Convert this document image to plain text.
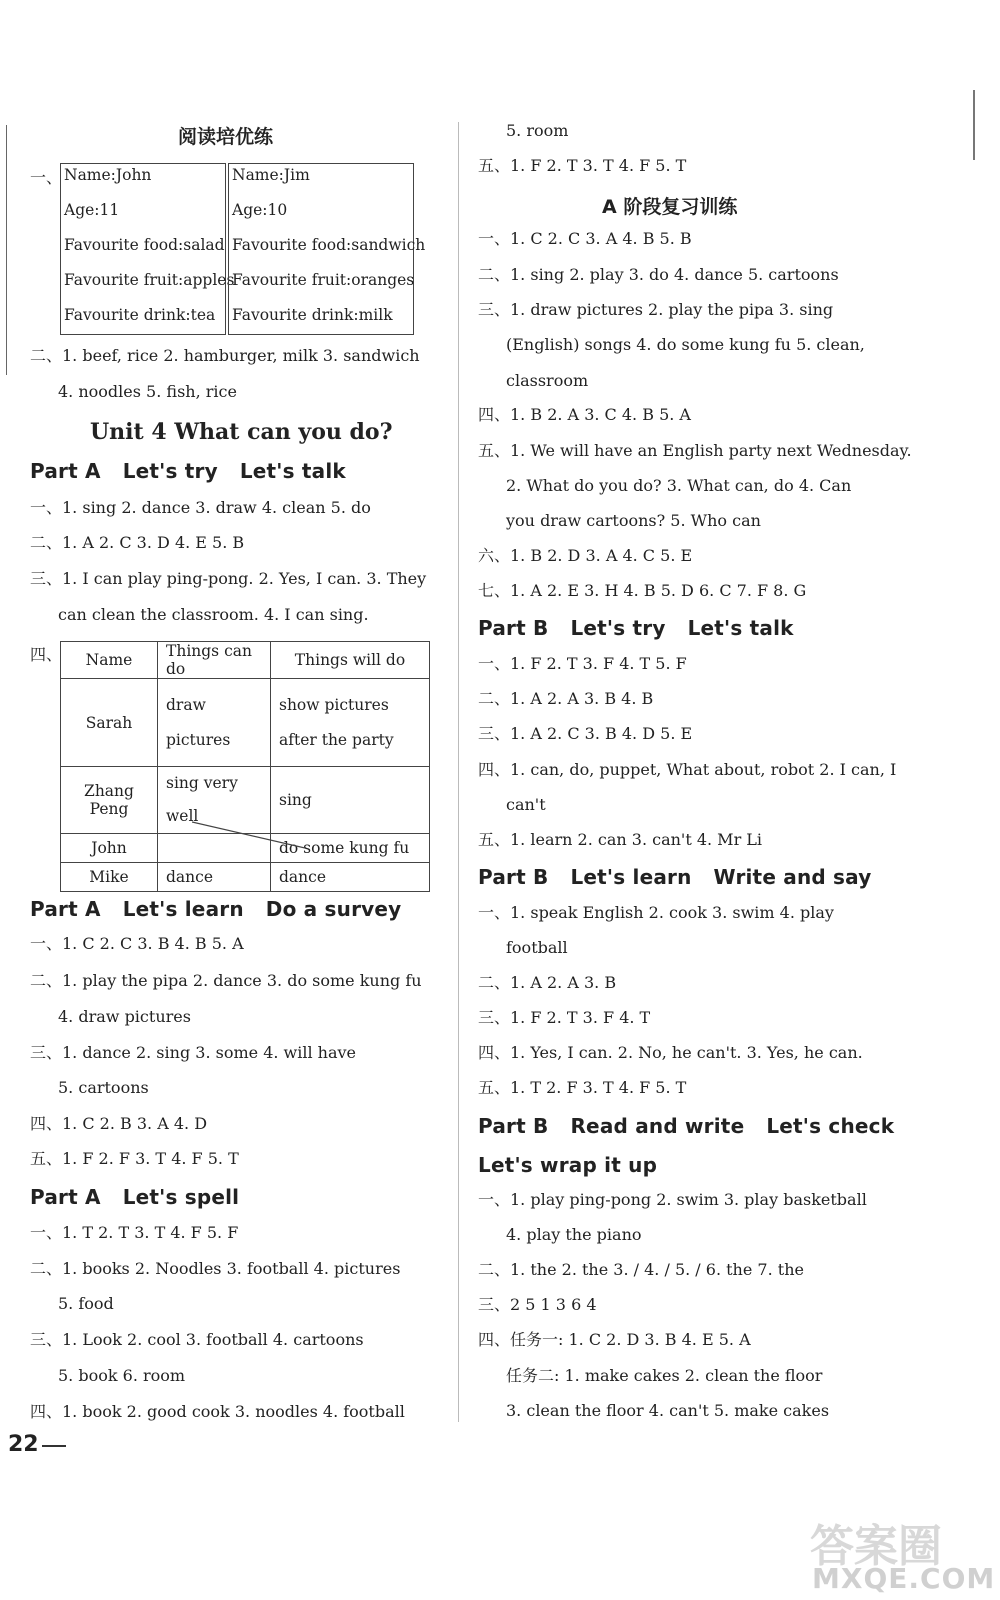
阅读培优练
一、 Name:John
Age:11
Favourite food:salad
Favourite fruit:apples
Favourite drink:tea
Name:Jim
Age:10
Favourite food:sandwich
Favourite fruit:oranges
Favourite drink:milk
二、1. beef, rice 2. hamburger, milk 3. sandwich
4. noodles 5. fish, rice
Unit 4 What can you do?
Part A Let's try Let's talk
一、1. sing 2. dance 3. draw 4. clean 5. do
二、1. A 2. C 3. D 4. E 5. B
三、1. I can play ping-pong. 2. Yes, I can. 3. They
can clean the classroom. 4. I can sing.
四、 Name	Things can do	Things will do
Sarah	draw pictures	show pictures after the party
Zhang Peng	sing very well	sing
John		do some kung fu
Mike	dance	dance
Part A Let's learn Do a survey
一、1. C 2. C 3. B 4. B 5. A
二、1. play the pipa 2. dance 3. do some kung fu
4. draw pictures
三、1. dance 2. sing 3. some 4. will have
5. cartoons
四、1. C 2. B 3. A 4. D
五、1. F 2. F 3. T 4. F 5. T
Part A Let's spell
一、1. T 2. T 3. T 4. F 5. F
二、1. books 2. Noodles 3. football 4. pictures
5. food
三、1. Look 2. cool 3. football 4. cartoons
5. book 6. room
四、1. book 2. good cook 3. noodles 4. football
5. room
五、1. F 2. T 3. T 4. F 5. T
A 阶段复习训练
一、1. C 2. C 3. A 4. B 5. B
二、1. sing 2. play 3. do 4. dance 5. cartoons
三、1. draw pictures 2. play the pipa 3. sing
(English) songs 4. do some kung fu 5. clean,
classroom
四、1. B 2. A 3. C 4. B 5. A
五、1. We will have an English party next Wednesday.
2. What do you do? 3. What can, do 4. Can
you draw cartoons? 5. Who can
六、1. B 2. D 3. A 4. C 5. E
七、1. A 2. E 3. H 4. B 5. D 6. C 7. F 8. G
Part B Let's try Let's talk
一、1. F 2. T 3. F 4. T 5. F
二、1. A 2. A 3. B 4. B
三、1. A 2. C 3. B 4. D 5. E
四、1. can, do, puppet, What about, robot 2. I can, I
can't
五、1. learn 2. can 3. can't 4. Mr Li
Part B Let's learn Write and say
一、1. speak English 2. cook 3. swim 4. play
football
二、1. A 2. A 3. B
三、1. F 2. T 3. F 4. T
四、1. Yes, I can. 2. No, he can't. 3. Yes, he can.
五、1. T 2. F 3. T 4. F 5. T
Part B Read and write Let's check
Let's wrap it up
一、1. play ping-pong 2. swim 3. play basketball
4. play the piano
二、1. the 2. the 3. / 4. / 5. / 6. the 7. the
三、2 5 1 3 6 4
四、任务一: 1. C 2. D 3. B 4. E 5. A
任务二: 1. make cakes 2. clean the floor
3. clean the floor 4. can't 5. make cakes
22
答案圈
MXQE.COM
